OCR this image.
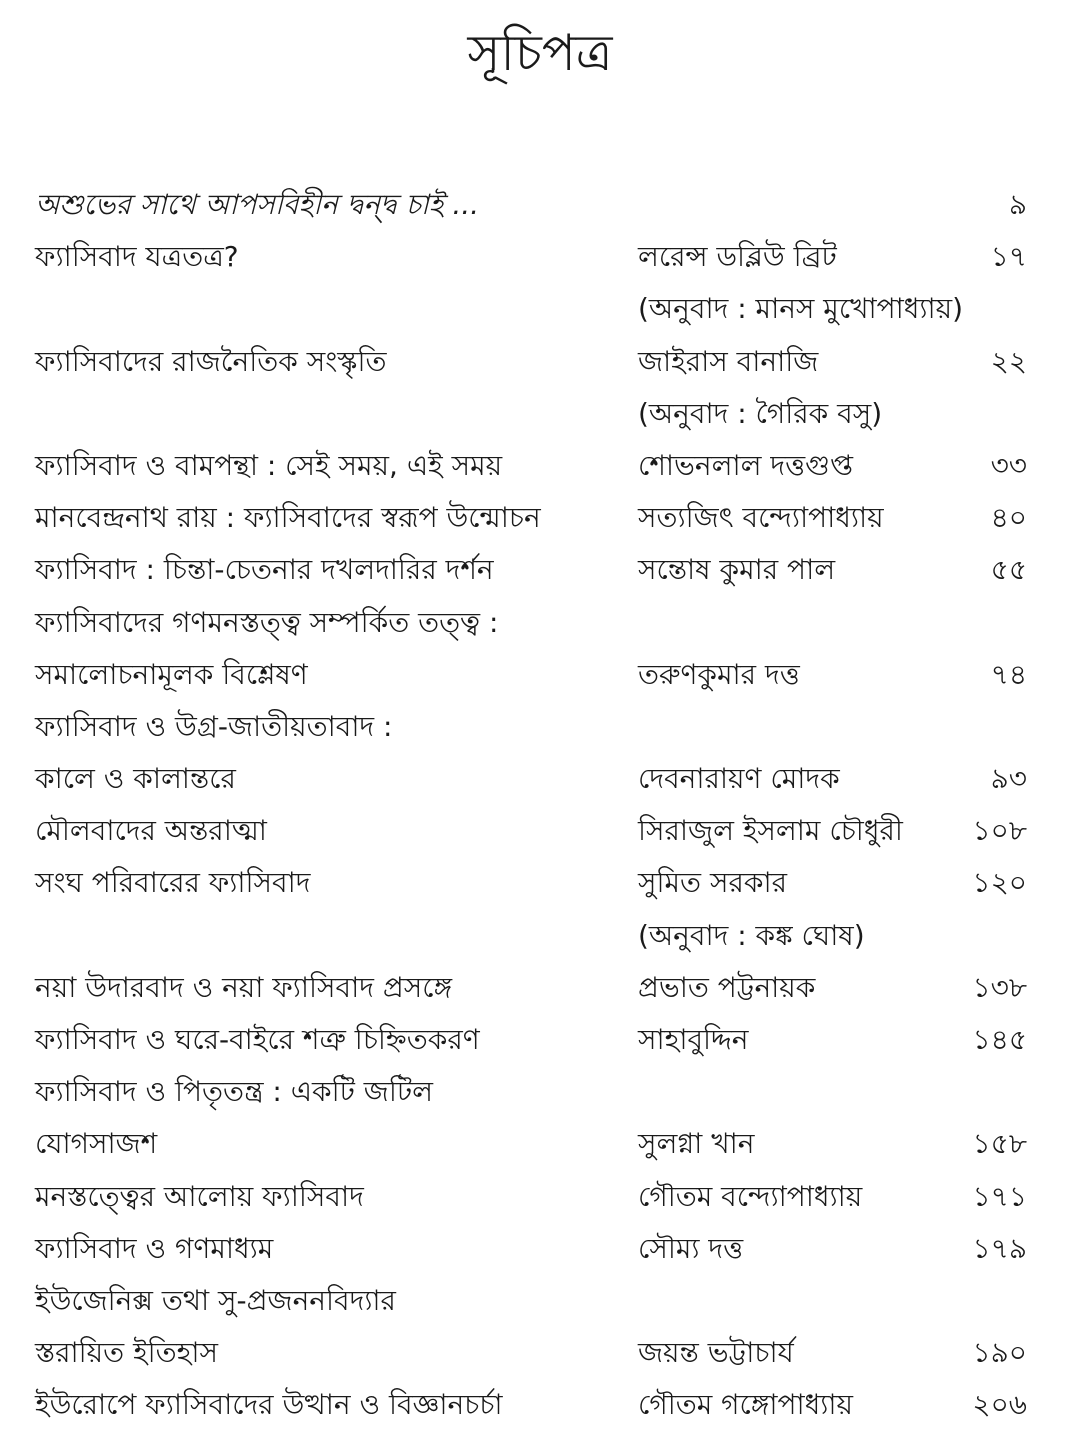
সূচিপত্র
অশুভের সাথে আপসবিহীন দ্বন্দ্ব চাই ...	৯
ফ্যাসিবাদ যত্রতত্র?	লরেন্স ডব্লিউ ব্রিট	১৭
(অনুবাদ : মানস মুখোপাধ্যায়)
ফ্যাসিবাদের রাজনৈতিক সংস্কৃতি	জাইরাস বানাজি	২২
(অনুবাদ : গৈরিক বসু)
ফ্যাসিবাদ ও বামপন্থা : সেই সময়, এই সময়	শোভনলাল দত্তগুপ্ত	৩৩
মানবেন্দ্রনাথ রায় : ফ্যাসিবাদের স্বরূপ উন্মোচন	সত্যজিৎ বন্দ্যোপাধ্যায়	৪০
ফ্যাসিবাদ : চিন্তা-চেতনার দখলদারির দর্শন	সন্তোষ কুমার পাল	৫৫
ফ্যাসিবাদের গণমনস্তত্ত্ব সম্পর্কিত তত্ত্ব :
সমালোচনামূলক বিশ্লেষণ	তরুণকুমার দত্ত	৭৪
ফ্যাসিবাদ ও উগ্র-জাতীয়তাবাদ :
কালে ও কালান্তরে	দেবনারায়ণ মোদক	৯৩
মৌলবাদের অন্তরাত্মা	সিরাজুল ইসলাম চৌধুরী ১০৮
সংঘ পরিবারের ফ্যাসিবাদ	সুমিত সরকার	১২০
(অনুবাদ : কঙ্ক ঘোষ)
নয়া উদারবাদ ও নয়া ফ্যাসিবাদ প্রসঙ্গে	প্রভাত পট্টনায়ক	১৩৮
ফ্যাসিবাদ ও ঘরে-বাইরে শত্রু চিহ্নিতকরণ	সাহাবুদ্দিন	১৪৫
ফ্যাসিবাদ ও পিতৃতন্ত্র : একটি জটিল
যোগসাজশ	সুলগ্না খান	১৫৮
মনস্তত্ত্বের আলোয় ফ্যাসিবাদ	গৌতম বন্দ্যোপাধ্যায়	১৭১
ফ্যাসিবাদ ও গণমাধ্যম	সৌম্য দত্ত	১৭৯
ইউজেনিক্স তথা সু-প্রজননবিদ্যার
স্তরায়িত ইতিহাস	জয়ন্ত ভট্টাচার্য	১৯০
ইউরোপে ফ্যাসিবাদের উত্থান ও বিজ্ঞানচর্চা	গৌতম গঙ্গোপাধ্যায়	২০৬
